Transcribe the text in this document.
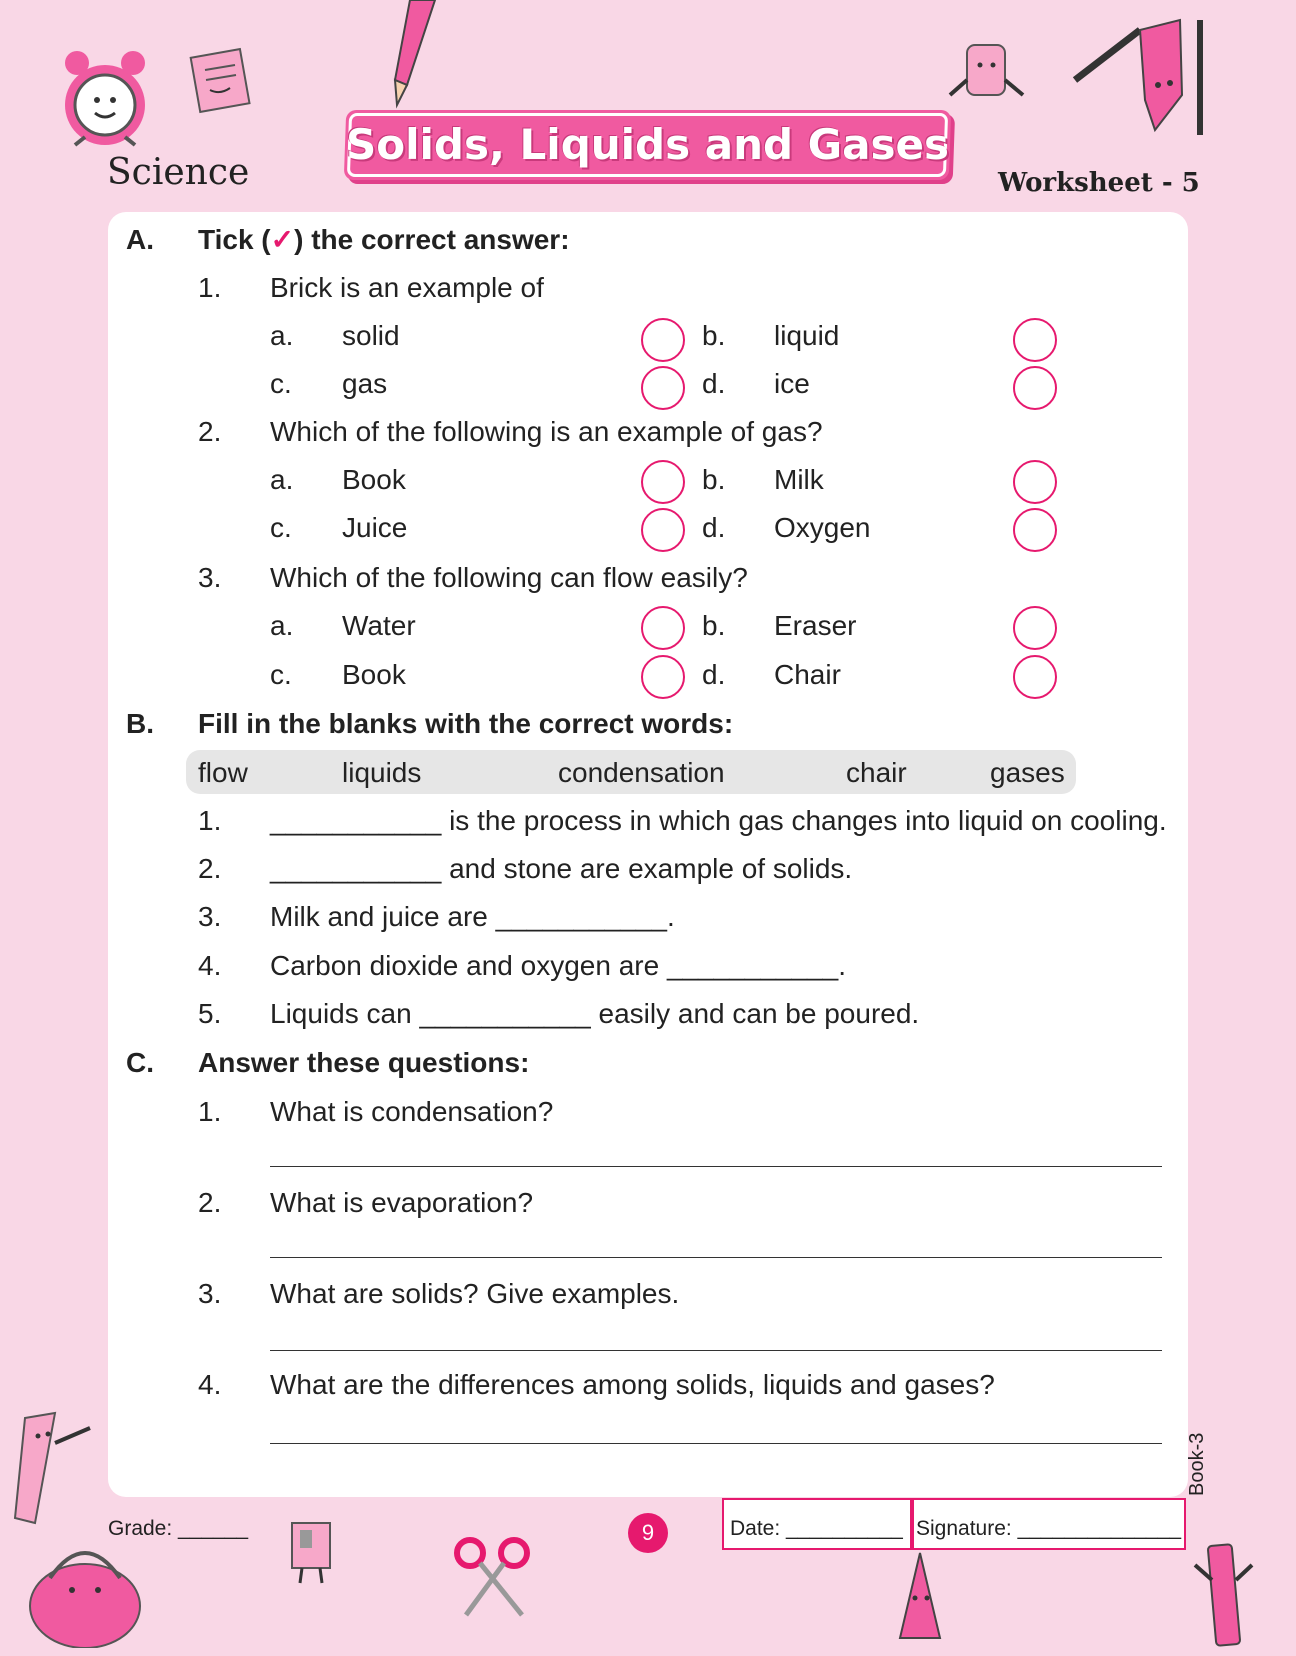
Science
Solids, Liquids and Gases
Worksheet - 5
A. Tick (✓) the correct answer:
1. Brick is an example of
a. solid	b. liquid
c. gas	d. ice
2. Which of the following is an example of gas?
a. Book	b. Milk
c. Juice	d. Oxygen
3. Which of the following can flow easily?
a. Water	b. Eraser
c. Book	d. Chair
B. Fill in the blanks with the correct words:
flow	liquids	condensation	chair	gases
1. ___________ is the process in which gas changes into liquid on cooling.
2. ___________ and stone are example of solids.
3. Milk and juice are ___________.
4. Carbon dioxide and oxygen are ___________.
5. Liquids can ___________ easily and can be poured.
C. Answer these questions:
1. What is condensation?
2. What is evaporation?
3. What are solids? Give examples.
4. What are the differences among solids, liquids and gases?
Book-3
Grade: ______	9	Date: __________ Signature: ______________
